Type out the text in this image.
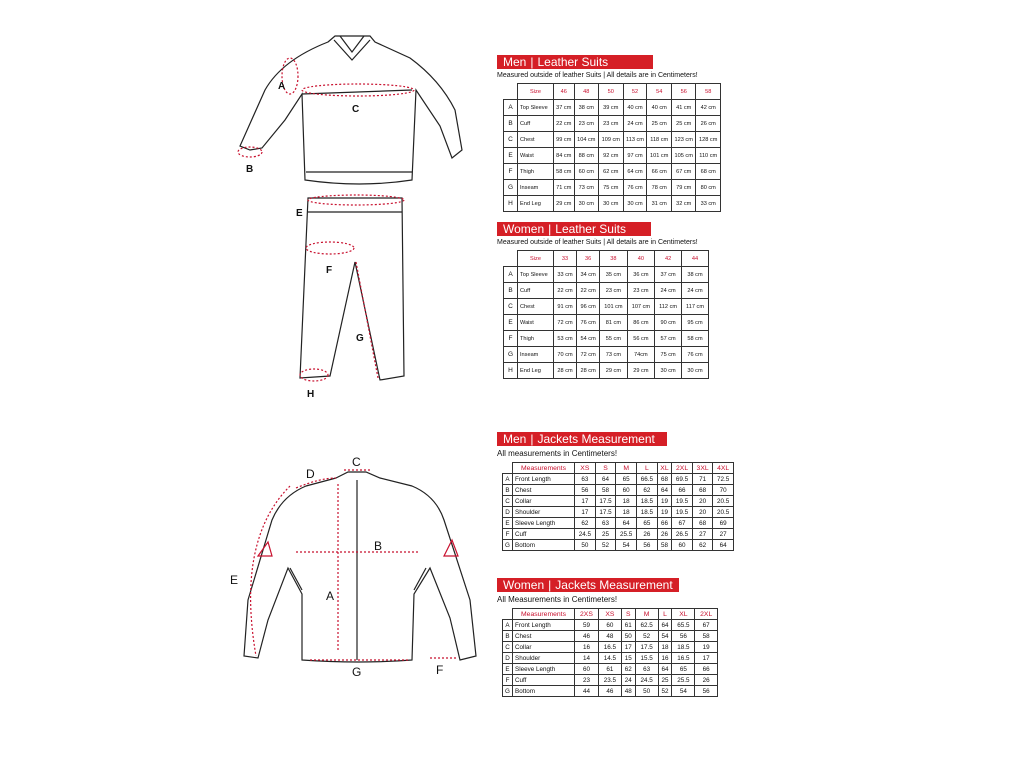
A
B
C
E
F
G
H
D
C
B
A
E
G	F
Men | Leather Suits
Measured outside of leather Suits | All details are in Centimeters!
	Size	46	48	50	52	54	56	58
A	Top Sleeve	37 cm	38 cm	39 cm	40 cm	40 cm	41 cm	42 cm
B	Cuff	22 cm	23 cm	23 cm	24 cm	25 cm	25 cm	26 cm
C	Chest	99 cm	104 cm	109 cm	113 cm	118 cm	123 cm	128 cm
E	Waist	84 cm	88 cm	92 cm	97 cm	101 cm	105 cm	110 cm
F	Thigh	58 cm	60 cm	62 cm	64 cm	66 cm	67 cm	68 cm
G	Inseam	71 cm	73 cm	75 cm	76 cm	78 cm	79 cm	80 cm
H	End Leg	29 cm	30 cm	30 cm	30 cm	31 cm	32 cm	33 cm
Women | Leather Suits
Measured outside of leather Suits | All details are in Centimeters!
	Size	33	36	38	40	42	44
A	Top Sleeve	33 cm	34 cm	35 cm	36 cm	37 cm	38 cm
B	Cuff	22 cm	22 cm	23 cm	23 cm	24 cm	24 cm
C	Chest	91 cm	96 cm	101 cm	107 cm	112 cm	117 cm
E	Waist	72 cm	76 cm	81 cm	86 cm	90 cm	95 cm
F	Thigh	53 cm	54 cm	55 cm	56 cm	57 cm	58 cm
G	Inseam	70 cm	72 cm	73 cm	74cm	75 cm	76 cm
H	End Leg	28 cm	28 cm	29 cm	29 cm	30 cm	30 cm
Men | Jackets Measurement
All measurements in Centimeters!
	Measurements	XS	S	M	L	XL	2XL	3XL	4XL
A	Front Length	63	64	65	66.5	68	69.5	71	72.5
B	Chest	56	58	60	62	64	66	68	70
C	Collar	17	17.5	18	18.5	19	19.5	20	20.5
D	Shoulder	17	17.5	18	18.5	19	19.5	20	20.5
E	Sleeve Length	62	63	64	65	66	67	68	69
F	Cuff	24.5	25	25.5	26	26	26.5	27	27
G	Bottom	50	52	54	56	58	60	62	64
Women | Jackets Measurement
All Measurements in Centimeters!
	Measurements	2XS	XS	S	M	L	XL	2XL
A	Front Length	59	60	61	62.5	64	65.5	67
B	Chest	46	48	50	52	54	56	58
C	Collar	16	16.5	17	17.5	18	18.5	19
D	Shoulder	14	14.5	15	15.5	16	16.5	17
E	Sleeve Length	60	61	62	63	64	65	66
F	Cuff	23	23.5	24	24.5	25	25.5	26
G	Bottom	44	46	48	50	52	54	56
